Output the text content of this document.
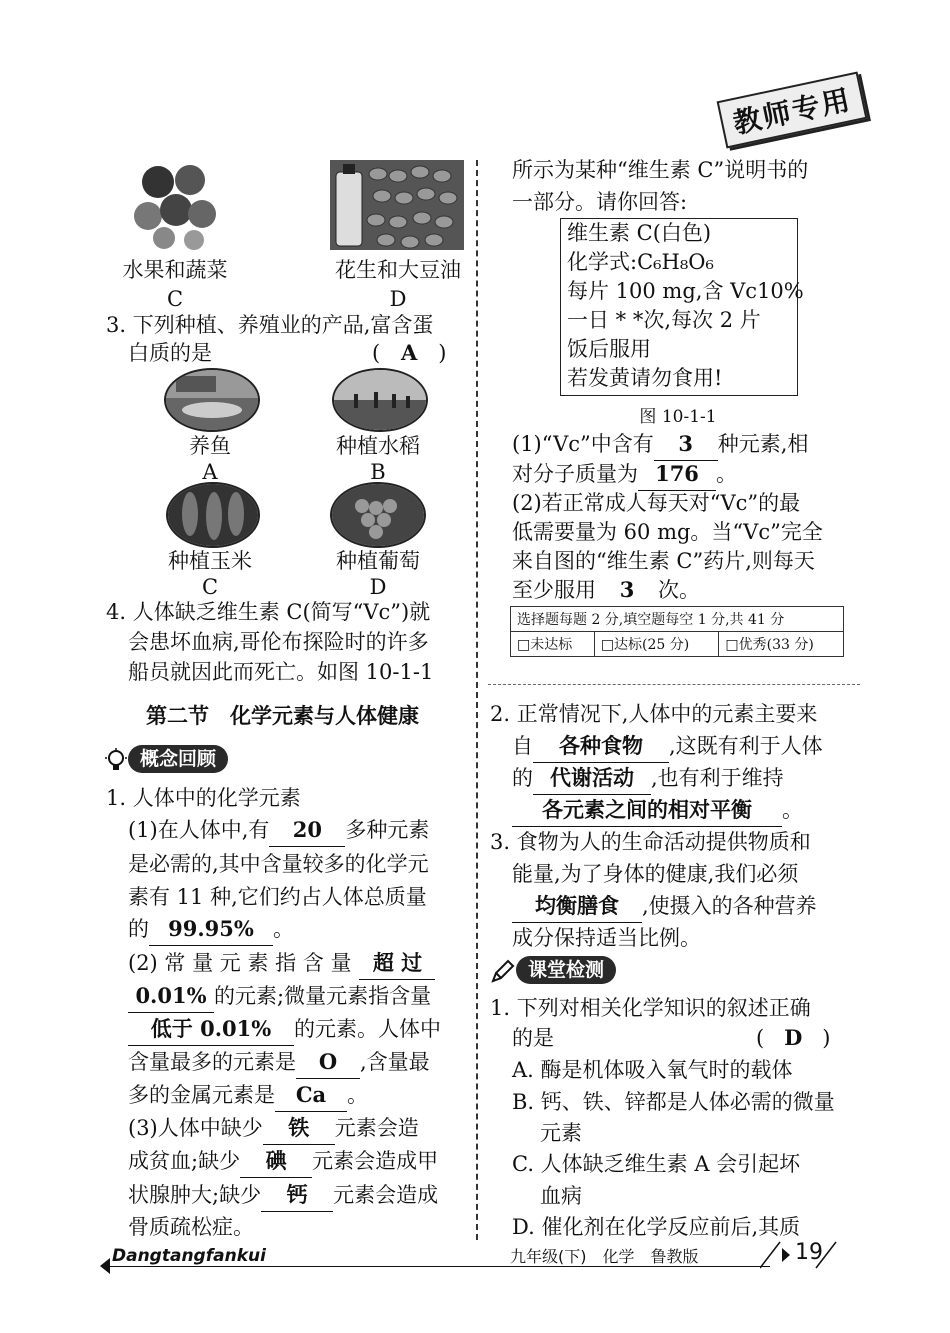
教师专用
水果和蔬菜
C
花生和大豆油
D
3. 下列种植、养殖业的产品,富含蛋
白质的是	( A )
养鱼
A
种植水稻
B
种植玉米
C
种植葡萄
D
4. 人体缺乏维生素 C(简写“Vc”)就
会患坏血病,哥伦布探险时的许多
船员就因此而死亡。如图 10-1-1
第二节　化学元素与人体健康
概念回顾
1. 人体中的化学元素
(1)在人体中,有 20 多种元素
是必需的,其中含量较多的化学元
素有 11 种,它们约占人体总质量
的 99.95% 。
(2) 常 量 元 素 指 含 量 超 过
0.01% 的元素;微量元素指含量
低于 0.01% 的元素。人体中
含量最多的元素是 O ,含量最
多的金属元素是 Ca 。
(3)人体中缺少 铁 元素会造
成贫血;缺少 碘 元素会造成甲
状腺肿大;缺少 钙 元素会造成
骨质疏松症。
所示为某种“维生素 C”说明书的
一部分。请你回答:
维生素 C(白色)
化学式:C₆H₈O₆
每片 100 mg,含 Vc10%
一日 * *次,每次 2 片
饭后服用
若发黄请勿食用!
图 10-1-1
(1)“Vc”中含有 3 种元素,相
对分子质量为 176 。
(2)若正常成人每天对“Vc”的最
低需要量为 60 mg。当“Vc”完全
来自图的“维生素 C”药片,则每天
至少服用 3 次。
选择题每题 2 分,填空题每空 1 分,共 41 分
□未达标	□达标(25 分)	□优秀(33 分)
2. 正常情况下,人体中的元素主要来
自 各种食物 ,这既有利于人体
的 代谢活动 ,也有利于维持
各元素之间的相对平衡 。
3. 食物为人的生命活动提供物质和
能量,为了身体的健康,我们必须
均衡膳食 ,使摄入的各种营养
成分保持适当比例。
课堂检测
1. 下列对相关化学知识的叙述正确
的是	( D )
A. 酶是机体吸入氧气时的载体
B. 钙、铁、锌都是人体必需的微量
元素
C. 人体缺乏维生素 A 会引起坏
血病
D. 催化剂在化学反应前后,其质
Dangtangfankui	九年级(下)　化学　鲁教版	19
